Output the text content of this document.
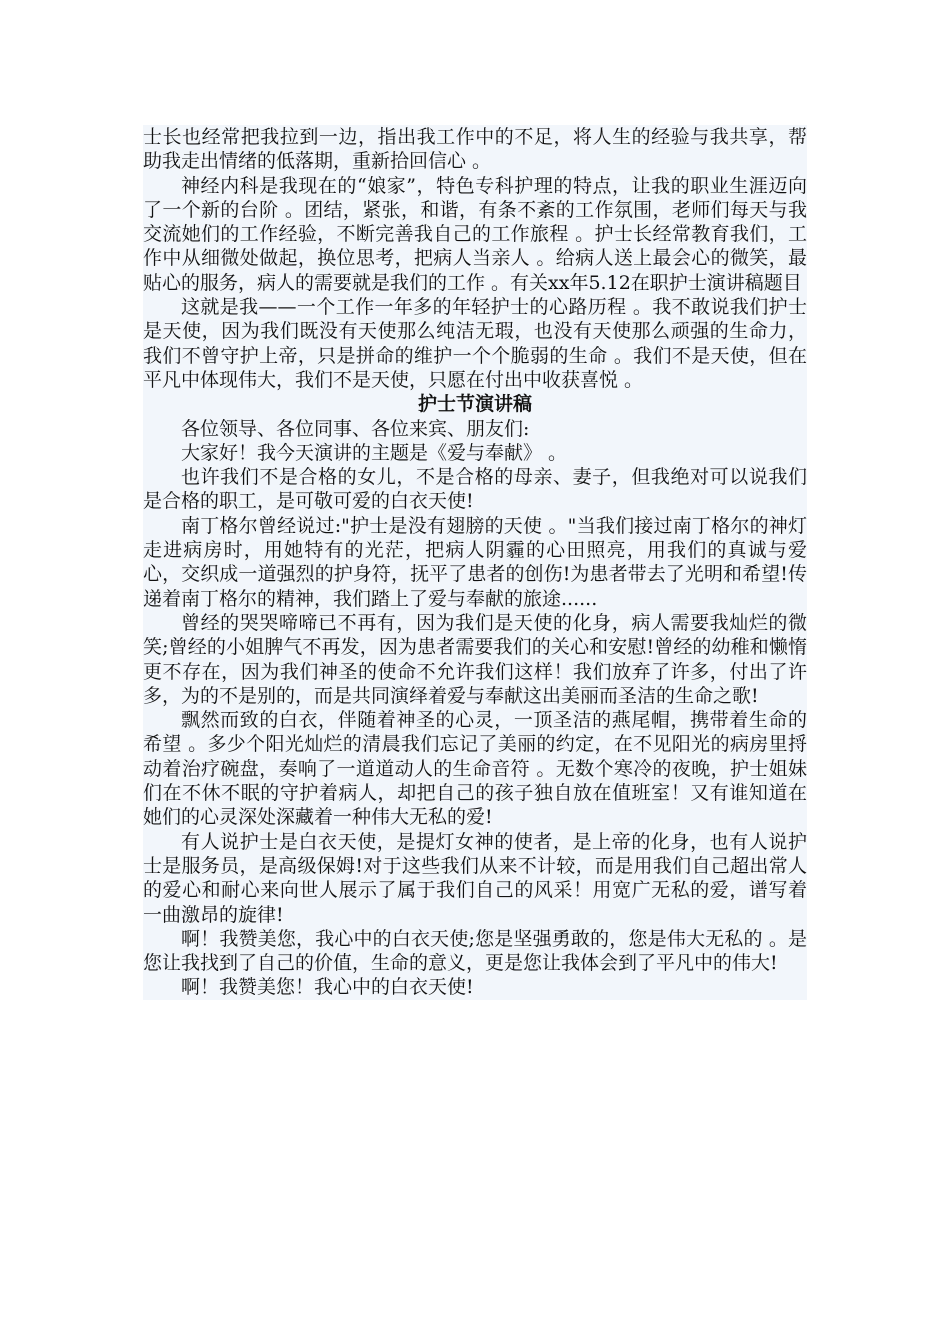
士长也经常把我拉到一边，指出我工作中的不足，将人生的经验与我共享，帮助我走出情绪的低落期，重新拾回信心 。

神经内科是我现在的“娘家”，特色专科护理的特点，让我的职业生涯迈向了一个新的台阶 。团结，紧张，和谐，有条不紊的工作氛围，老师们每天与我交流她们的工作经验，不断完善我自己的工作旅程 。护士长经常教育我们，工作中从细微处做起，换位思考，把病人当亲人 。给病人送上最会心的微笑，最贴心的服务，病人的需要就是我们的工作 。有关xx年5.12在职护士演讲稿题目

这就是我——一个工作一年多的年轻护士的心路历程 。我不敢说我们护士是天使，因为我们既没有天使那么纯洁无瑕，也没有天使那么顽强的生命力，我们不曾守护上帝，只是拼命的维护一个个脆弱的生命 。我们不是天使，但在平凡中体现伟大，我们不是天使，只愿在付出中收获喜悦 。

护士节演讲稿

各位领导、各位同事、各位来宾、朋友们:

大家好！我今天演讲的主题是《爱与奉献》 。

也许我们不是合格的女儿，不是合格的母亲、妻子，但我绝对可以说我们是合格的职工，是可敬可爱的白衣天使!

南丁格尔曾经说过:"护士是没有翅膀的天使 。"当我们接过南丁格尔的神灯走进病房时，用她特有的光茫，把病人阴霾的心田照亮，用我们的真诚与爱心，交织成一道强烈的护身符，抚平了患者的创伤!为患者带去了光明和希望!传递着南丁格尔的精神，我们踏上了爱与奉献的旅途......

曾经的哭哭啼啼已不再有，因为我们是天使的化身，病人需要我灿烂的微笑;曾经的小姐脾气不再发，因为患者需要我们的关心和安慰!曾经的幼稚和懒惰更不存在，因为我们神圣的使命不允许我们这样！我们放弃了许多，付出了许多，为的不是别的，而是共同演绎着爱与奉献这出美丽而圣洁的生命之歌!

飘然而致的白衣，伴随着神圣的心灵，一顶圣洁的燕尾帽，携带着生命的希望 。多少个阳光灿烂的清晨我们忘记了美丽的约定，在不见阳光的病房里捋动着治疗碗盘，奏响了一道道动人的生命音符 。无数个寒冷的夜晚，护士姐妹们在不休不眠的守护着病人，却把自己的孩子独自放在值班室！又有谁知道在她们的心灵深处深藏着一种伟大无私的爱!

有人说护士是白衣天使，是提灯女神的使者，是上帝的化身，也有人说护士是服务员，是高级保姆!对于这些我们从来不计较，而是用我们自己超出常人的爱心和耐心来向世人展示了属于我们自己的风采！用宽广无私的爱，谱写着一曲激昂的旋律!

啊！我赞美您，我心中的白衣天使;您是坚强勇敢的，您是伟大无私的 。是您让我找到了自己的价值，生命的意义，更是您让我体会到了平凡中的伟大!

啊！我赞美您！我心中的白衣天使!
